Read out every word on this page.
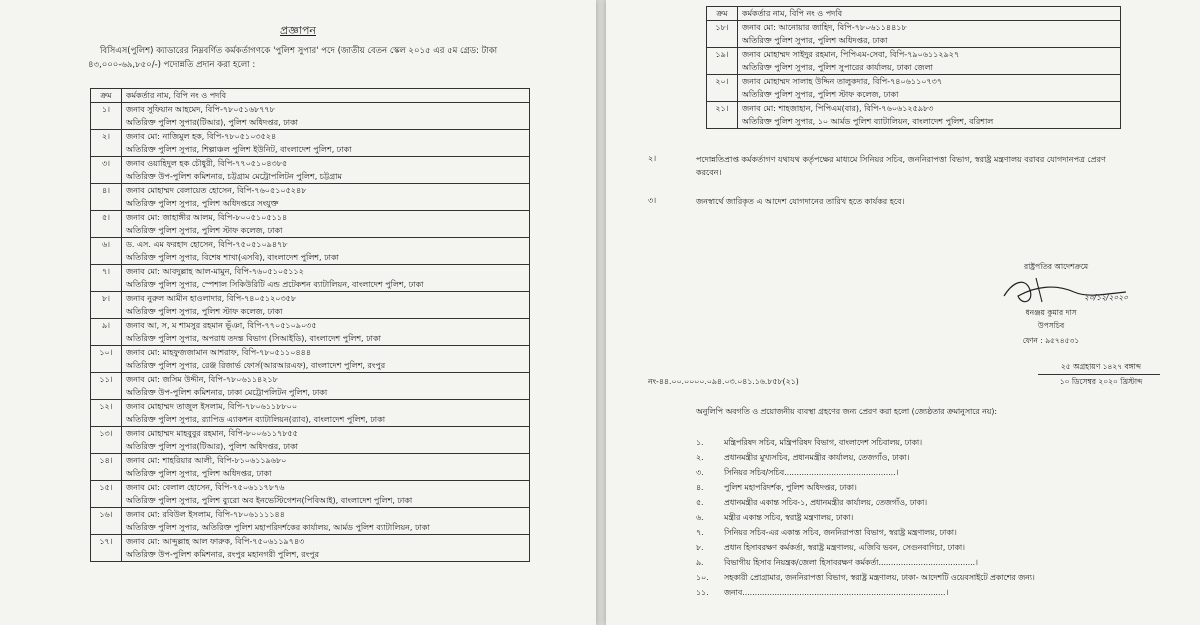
প্রজ্ঞাপন
বিসিএস(পুলিশ) ক্যাডারের নিম্নবর্ণিত কর্মকর্তাগণকে 'পুলিশ সুপার' পদে (জাতীয় বেতন স্কেল ২০১৫ এর ৫ম গ্রেড: টাকা ৪৩,০০০-৬৯,৮৫০/-) পদোন্নতি প্রদান করা হলো :
ক্রম	কর্মকর্তার নাম, বিপি নং ও পদবি
১।	জনাব সুফিয়ান আহমেদ, বিপি-৭৮০৫১৬৮৭৭৮
অতিরিক্ত পুলিশ সুপার(টিআর), পুলিশ অধিদপ্তর, ঢাকা

২।	জনাব মো: নাজিমুল হক, বিপি-৭৮০৫১০৩৫২৪
অতিরিক্ত পুলিশ সুপার, শিল্পাঞ্চল পুলিশ ইউনিট, বাংলাদেশ পুলিশ, ঢাকা

৩।	জনাব ওয়াহিদুল হক চৌধুরী, বিপি-৭৭০৫১০৪৩৮৫
অতিরিক্ত উপ-পুলিশ কমিশনার, চট্টগ্রাম মেট্রোপলিটন পুলিশ, চট্টগ্রাম

৪।	জনাব মোহাম্মদ বেলায়েত হোসেন, বিপি-৭৬০৫১০৫২৪৮
অতিরিক্ত পুলিশ সুপার, পুলিশ অধিদপ্তরে সংযুক্ত

৫।	জনাব মো: জাহাঙ্গীর আলম, বিপি-৮০০৫১০৫১১৪
অতিরিক্ত পুলিশ সুপার, পুলিশ স্টাফ কলেজ, ঢাকা

৬।	ড. এস. এম ফরহাদ হোসেন, বিপি-৭৫০৫১০৯৪৭৮
অতিরিক্ত পুলিশ সুপার, বিশেষ শাখা(এসবি), বাংলাদেশ পুলিশ, ঢাকা

৭।	জনাব মো: আবদুল্লাহ আল-মামুন, বিপি-৭৬০৫১০৫১১২
অতিরিক্ত পুলিশ সুপার, স্পেশাল সিকিউরিটি এন্ড প্রটেকশন ব্যাটালিয়ন, বাংলাদেশ পুলিশ, ঢাকা

৮।	জনাব নুরুল আমীন হাওলাদার, বিপি-৭৪০৫১২০৩৫৮
অতিরিক্ত পুলিশ সুপার, পুলিশ স্টাফ কলেজ, ঢাকা

৯।	জনাব আ, স, ম শামসুর রহমান ভূঁঞা, বিপি-৭৭০৫১০৯০৩৫
অতিরিক্ত পুলিশ সুপার, অপরাধ তদন্ত বিভাগ (সিআইডি), বাংলাদেশ পুলিশ, ঢাকা

১০।	জনাব মো: মাহফুজজামান আশরাফ, বিপি-৭৮০৫১১০৪৪৪
অতিরিক্ত পুলিশ সুপার, রেঞ্জ রিজার্ভ ফোর্স(আরআরএফ), বাংলাদেশ পুলিশ, রংপুর

১১।	জনাব মো: জসিম উদ্দীন, বিপি-৭৮০৬১১৪২১৮
অতিরিক্ত উপ-পুলিশ কমিশনার, ঢাকা মেট্রোপলিটন পুলিশ, ঢাকা

১২।	জনাব মোহাম্মদ তাজুল ইসলাম, বিপি-৭৮০৬১১৮৮০০
অতিরিক্ত পুলিশ সুপার, র‌্যাপিড এ্যাকশন ব্যাটালিয়ন(র‌্যাব), বাংলাদেশ পুলিশ, ঢাকা

১৩।	জনাব মোহাম্মদ মাহবুবুর রহমান, বিপি-৮০০৬১১৭৮৫৫
অতিরিক্ত পুলিশ সুপার(টিআর), পুলিশ অধিদপ্তর, ঢাকা

১৪।	জনাব মো: শাহরিয়ার আলী, বিপি-৮১০৬১১৯৬৮০
অতিরিক্ত পুলিশ সুপার, পুলিশ অধিদপ্তর, ঢাকা

১৫।	জনাব মো: বেলাল হোসেন, বিপি-৭৫০৬১১৭৮৭৬
অতিরিক্ত পুলিশ সুপার, পুলিশ ব্যুরো অব ইনভেস্টিগেশন(পিবিআই), বাংলাদেশ পুলিশ, ঢাকা

১৬।	জনাব মো: রবিউল ইসলাম, বিপি-৭৮০৬১১১১৪৪
অতিরিক্ত পুলিশ সুপার, অতিরিক্ত পুলিশ মহাপরিদর্শকের কার্যালয়, আর্মড পুলিশ ব্যাটালিয়ন, ঢাকা

১৭।	জনাব মো: আব্দুল্লাহ আল ফারুক, বিপি-৭৫০৬১১৯৭৪৩
অতিরিক্ত উপ-পুলিশ কমিশনার, রংপুর মহানগরী পুলিশ, রংপুর
ক্রম	কর্মকর্তার নাম, বিপি নং ও পদবি
১৮।	জনাব মো: আনোয়ার জাহিদ, বিপি-৭৮০৬১১৪৪১৮
অতিরিক্ত পুলিশ সুপার, পুলিশ অধিদপ্তর, ঢাকা

১৯।	জনাব মোহাম্মদ সাইদুর রহমান, পিপিএম-সেবা, বিপি-৭৯০৬১১২৯২৭
অতিরিক্ত পুলিশ সুপার, পুলিশ সুপারের কার্যালয়, ঢাকা জেলা

২০।	জনাব মোহাম্মদ সালাহ উদ্দিন তালুকদার, বিপি-৭৪০৬১১০৭৩৭
অতিরিক্ত পুলিশ সুপার, পুলিশ স্টাফ কলেজ, ঢাকা

২১।	জনাব মো: শাহজাহান, পিপিএম(বার), বিপি-৭৬০৬১২৫৯৮৩
অতিরিক্ত পুলিশ সুপার, ১০ আর্মড পুলিশ ব্যাটালিয়ন, বাংলাদেশ পুলিশ, বরিশাল
২।	পদোন্নতিপ্রাপ্ত কর্মকর্তাগণ যথাযথ কর্তৃপক্ষের মাধ্যমে সিনিয়র সচিব, জননিরাপত্তা বিভাগ, স্বরাষ্ট্র মন্ত্রণালয় বরাবর যোগদানপত্র প্রেরণ করবেন।
৩।	জনস্বার্থে জারিকৃত এ আদেশ যোগদানের তারিখ হতে কার্যকর হবে।
রাষ্ট্রপতির আদেশক্রমে
২০/১২/২০২০
ধনঞ্জয় কুমার দাস
উপসচিব
ফোন : ৯৫৭৪৫৩১
২৫ অগ্রহায়ণ ১৪২৭ বঙ্গাব্দ
১০ ডিসেম্বর ২০২০ খ্রিস্টাব্দ
নং-৪৪.০০.০০০০.০৯৪.০৩.০৪১.১৬.৮৫৮(২১)
অনুলিপি অবগতি ও প্রয়োজনীয় ব্যবস্থা গ্রহণের জন্য প্রেরণ করা হলো (জ্যেষ্ঠতার ক্রমানুসারে নয়):
১.	মন্ত্রিপরিষদ সচিব, মন্ত্রিপরিষদ বিভাগ, বাংলাদেশ সচিবালয়, ঢাকা।
২.	প্রধানমন্ত্রীর মুখ্যসচিব, প্রধানমন্ত্রীর কার্যালয়, তেজগাঁও, ঢাকা।
৩.	সিনিয়র সচিব/সচিব.............................................।
৪.	পুলিশ মহাপরিদর্শক, পুলিশ অধিদপ্তর, ঢাকা।
৫.	প্রধানমন্ত্রীর একান্ত সচিব-১, প্রধানমন্ত্রীর কার্যালয়, তেজগাঁও, ঢাকা।
৬.	মন্ত্রীর একান্ত সচিব, স্বরাষ্ট্র মন্ত্রণালয়, ঢাকা।
৭.	সিনিয়র সচিব-এর একান্ত সচিব, জননিরাপত্তা বিভাগ, স্বরাষ্ট্র মন্ত্রণালয়, ঢাকা।
৮.	প্রধান হিসাবরক্ষণ কর্মকর্তা, স্বরাষ্ট্র মন্ত্রণালয়, এজিবি ভবন, সেগুনবাগিচা, ঢাকা।
৯.	বিভাগীয় হিসাব নিয়ন্ত্রক/জেলা হিসাবরক্ষণ কর্মকর্তা.......................................।
১০. সহকারী প্রোগ্রামার, জননিরাপত্তা বিভাগ, স্বরাষ্ট্র মন্ত্রণালয়, ঢাকা- আদেশটি ওয়েবসাইটে প্রকাশের জন্য।
১১. জনাব..................................................................................।
